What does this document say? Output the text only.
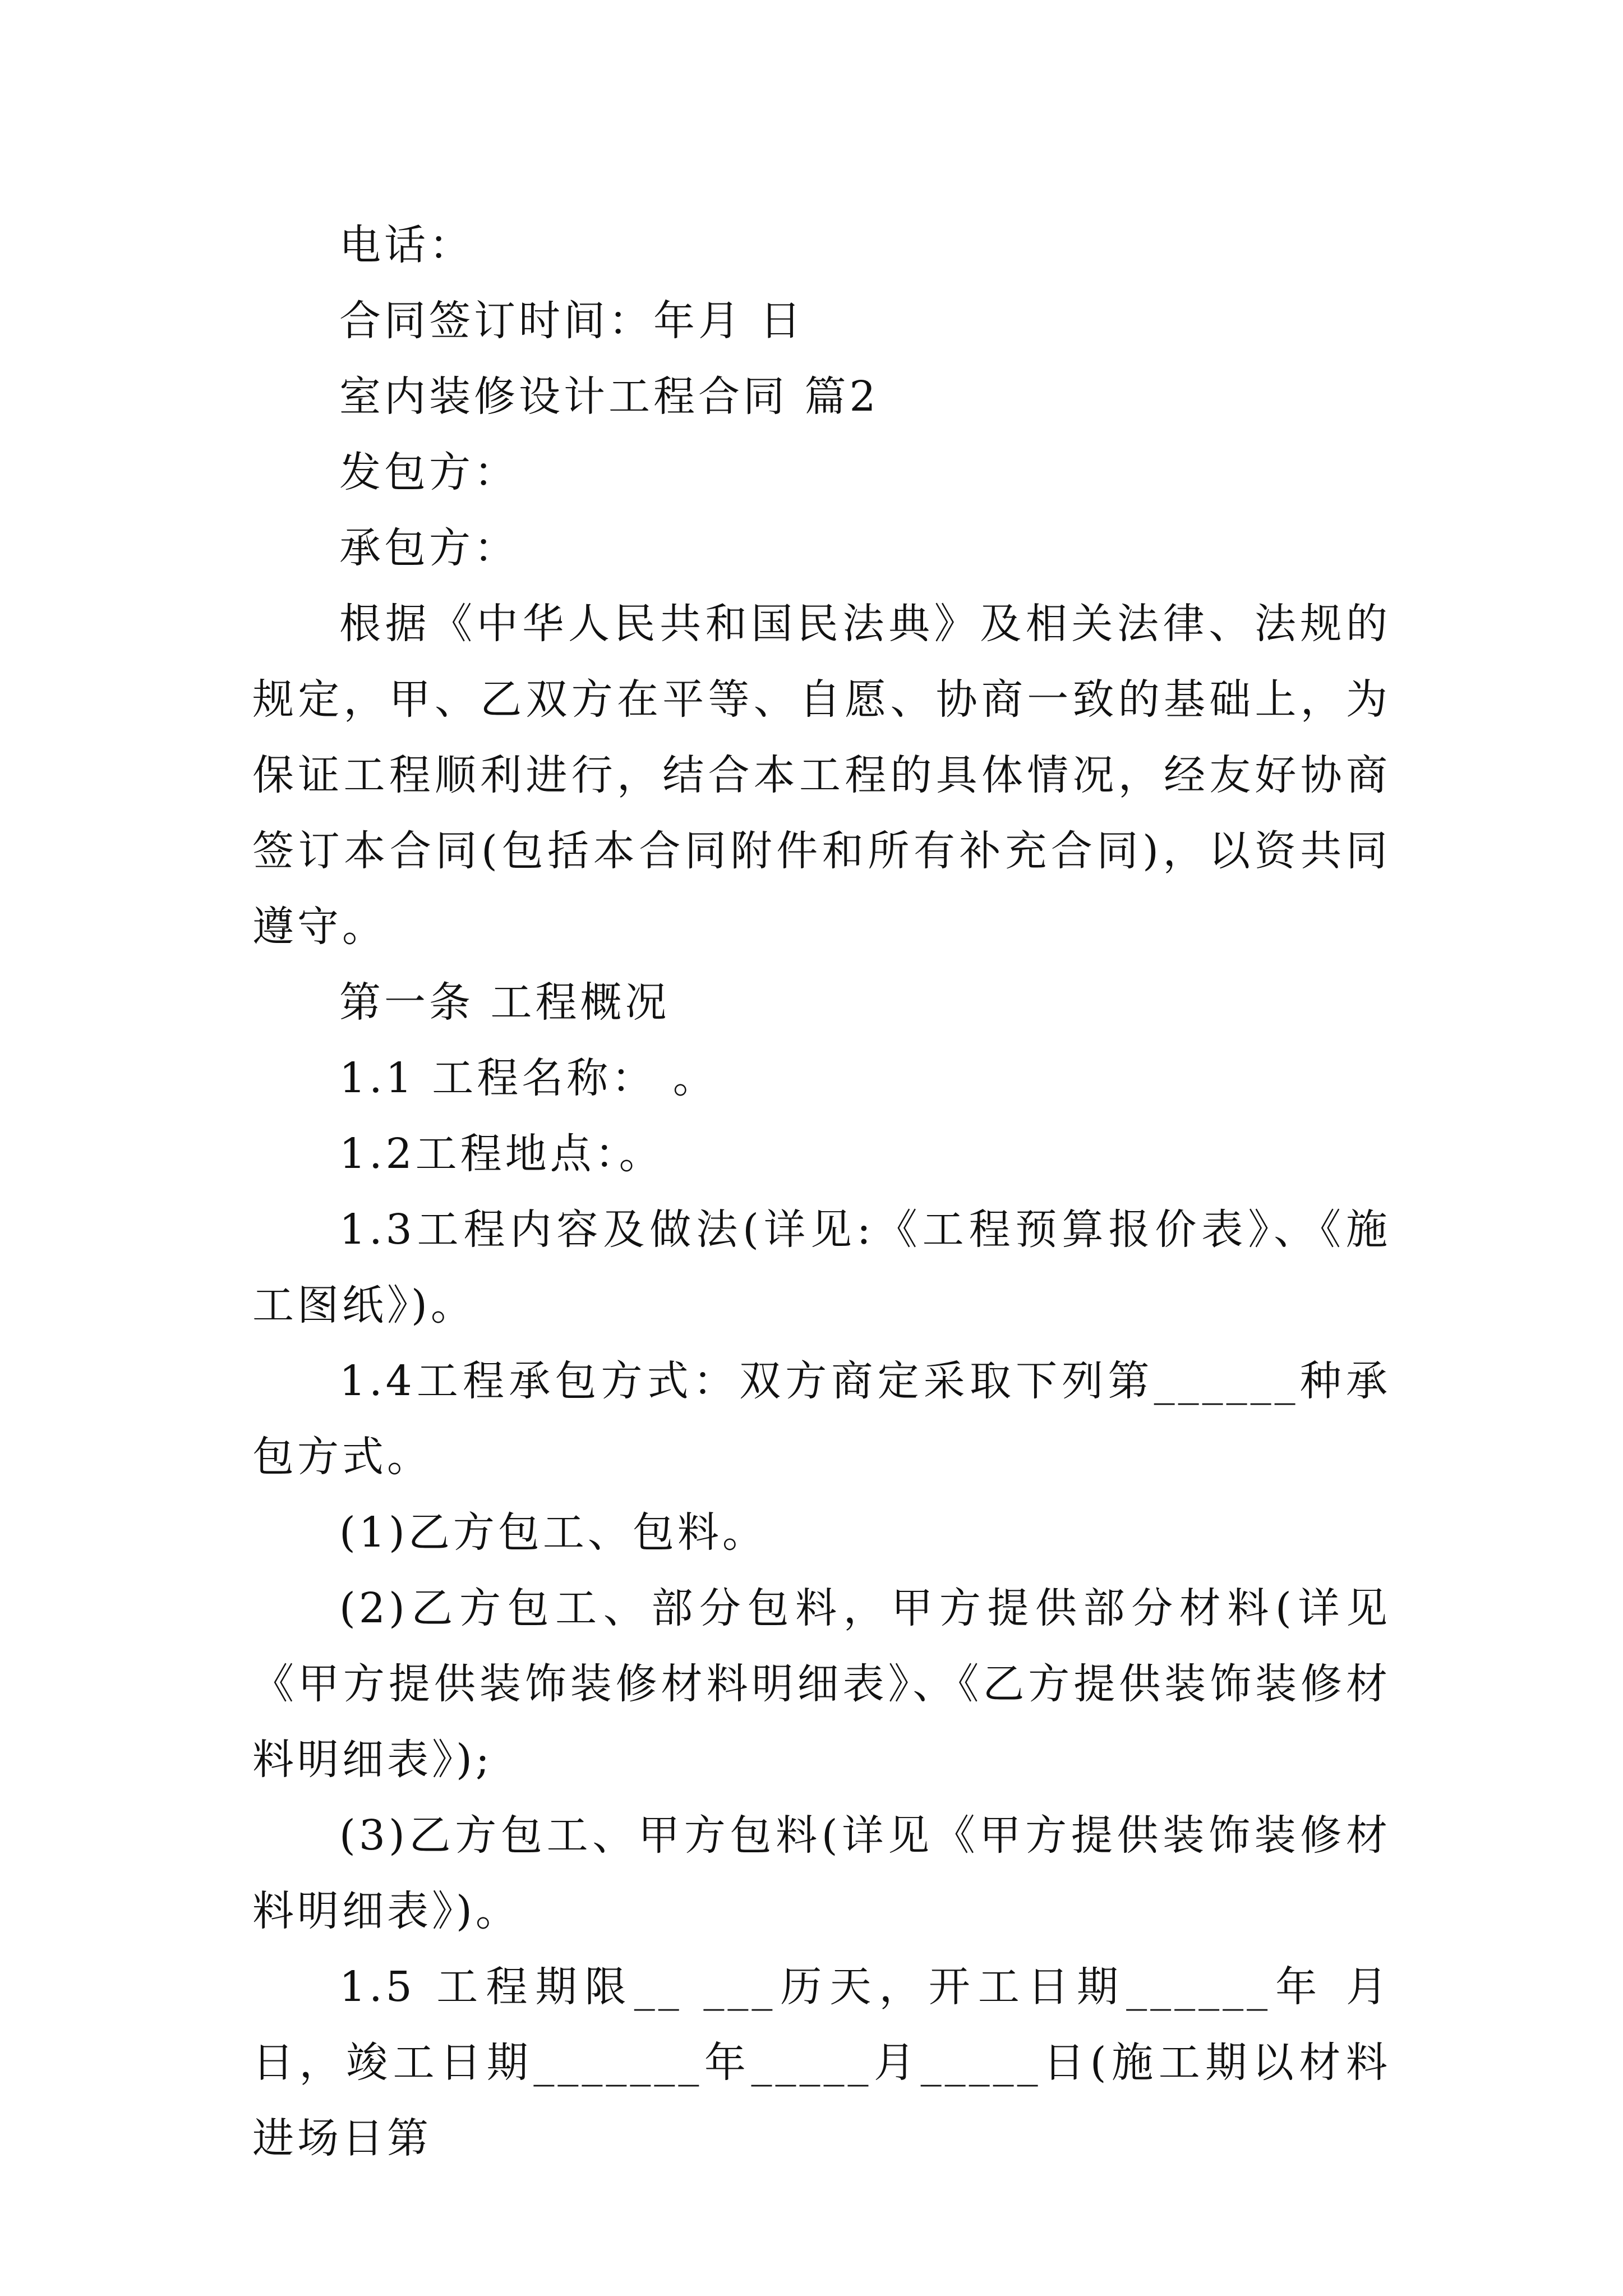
电话：

合同签订时间：年月 日

室内装修设计工程合同 篇2

发包方：

承包方：

根据《中华人民共和国民法典》及相关法律、法规的规定，甲、乙双方在平等、自愿、协商一致的基础上，为保证工程顺利进行，结合本工程的具体情况，经友好协商签订本合同(包括本合同附件和所有补充合同)，以资共同遵守。

第一条 工程概况

1.1 工程名称： 。

1.2工程地点：。

1.3工程内容及做法(详见:《工程预算报价表》、《施工图纸》)。

1.4工程承包方式：双方商定采取下列第______种承包方式。

(1)乙方包工、包料。

(2)乙方包工、部分包料，甲方提供部分材料(详见《甲方提供装饰装修材料明细表》、《乙方提供装饰装修材料明细表》);

(3)乙方包工、甲方包料(详见《甲方提供装饰装修材料明细表》)。

1.5 工程期限__ ___历天，开工日期______年 月 日，竣工日期_______年_____月_____日(施工期以材料进场日第
